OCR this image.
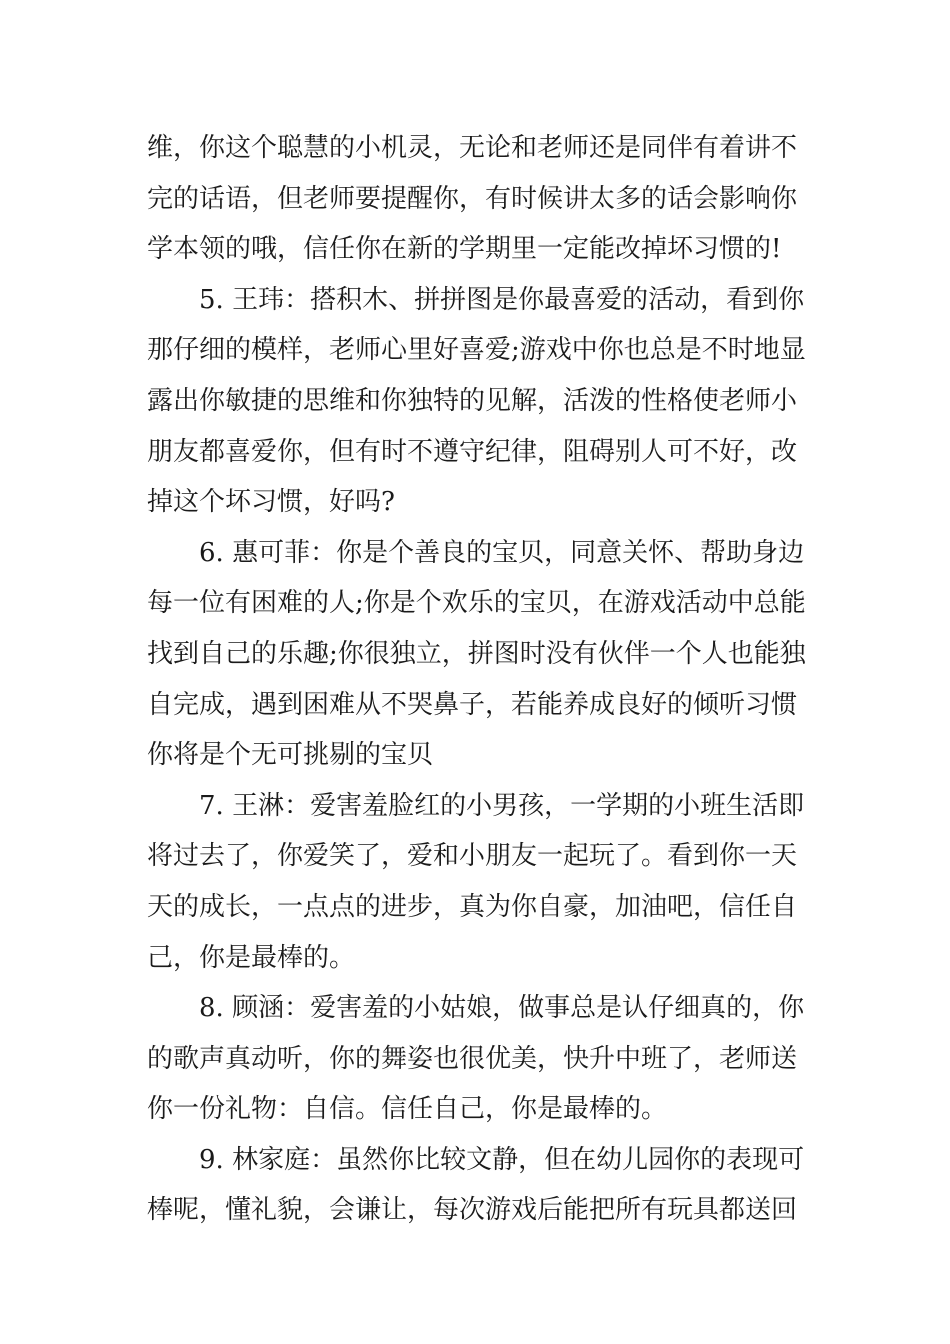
维，你这个聪慧的小机灵，无论和老师还是同伴有着讲不
完的话语，但老师要提醒你，有时候讲太多的话会影响你
学本领的哦，信任你在新的学期里一定能改掉坏习惯的!
5. 王玮：搭积木、拼拼图是你最喜爱的活动，看到你
那仔细的模样，老师心里好喜爱;游戏中你也总是不时地显
露出你敏捷的思维和你独特的见解，活泼的性格使老师小
朋友都喜爱你，但有时不遵守纪律，阻碍别人可不好，改
掉这个坏习惯，好吗?
6. 惠可菲：你是个善良的宝贝，同意关怀、帮助身边
每一位有困难的人;你是个欢乐的宝贝，在游戏活动中总能
找到自己的乐趣;你很独立，拼图时没有伙伴一个人也能独
自完成，遇到困难从不哭鼻子，若能养成良好的倾听习惯
你将是个无可挑剔的宝贝
7. 王淋：爱害羞脸红的小男孩，一学期的小班生活即
将过去了，你爱笑了，爱和小朋友一起玩了。看到你一天
天的成长，一点点的进步，真为你自豪，加油吧，信任自
己，你是最棒的。
8. 顾涵：爱害羞的小姑娘，做事总是认仔细真的，你
的歌声真动听，你的舞姿也很优美，快升中班了，老师送
你一份礼物：自信。信任自己，你是最棒的。
9. 林家庭：虽然你比较文静，但在幼儿园你的表现可
棒呢，懂礼貌，会谦让，每次游戏后能把所有玩具都送回
